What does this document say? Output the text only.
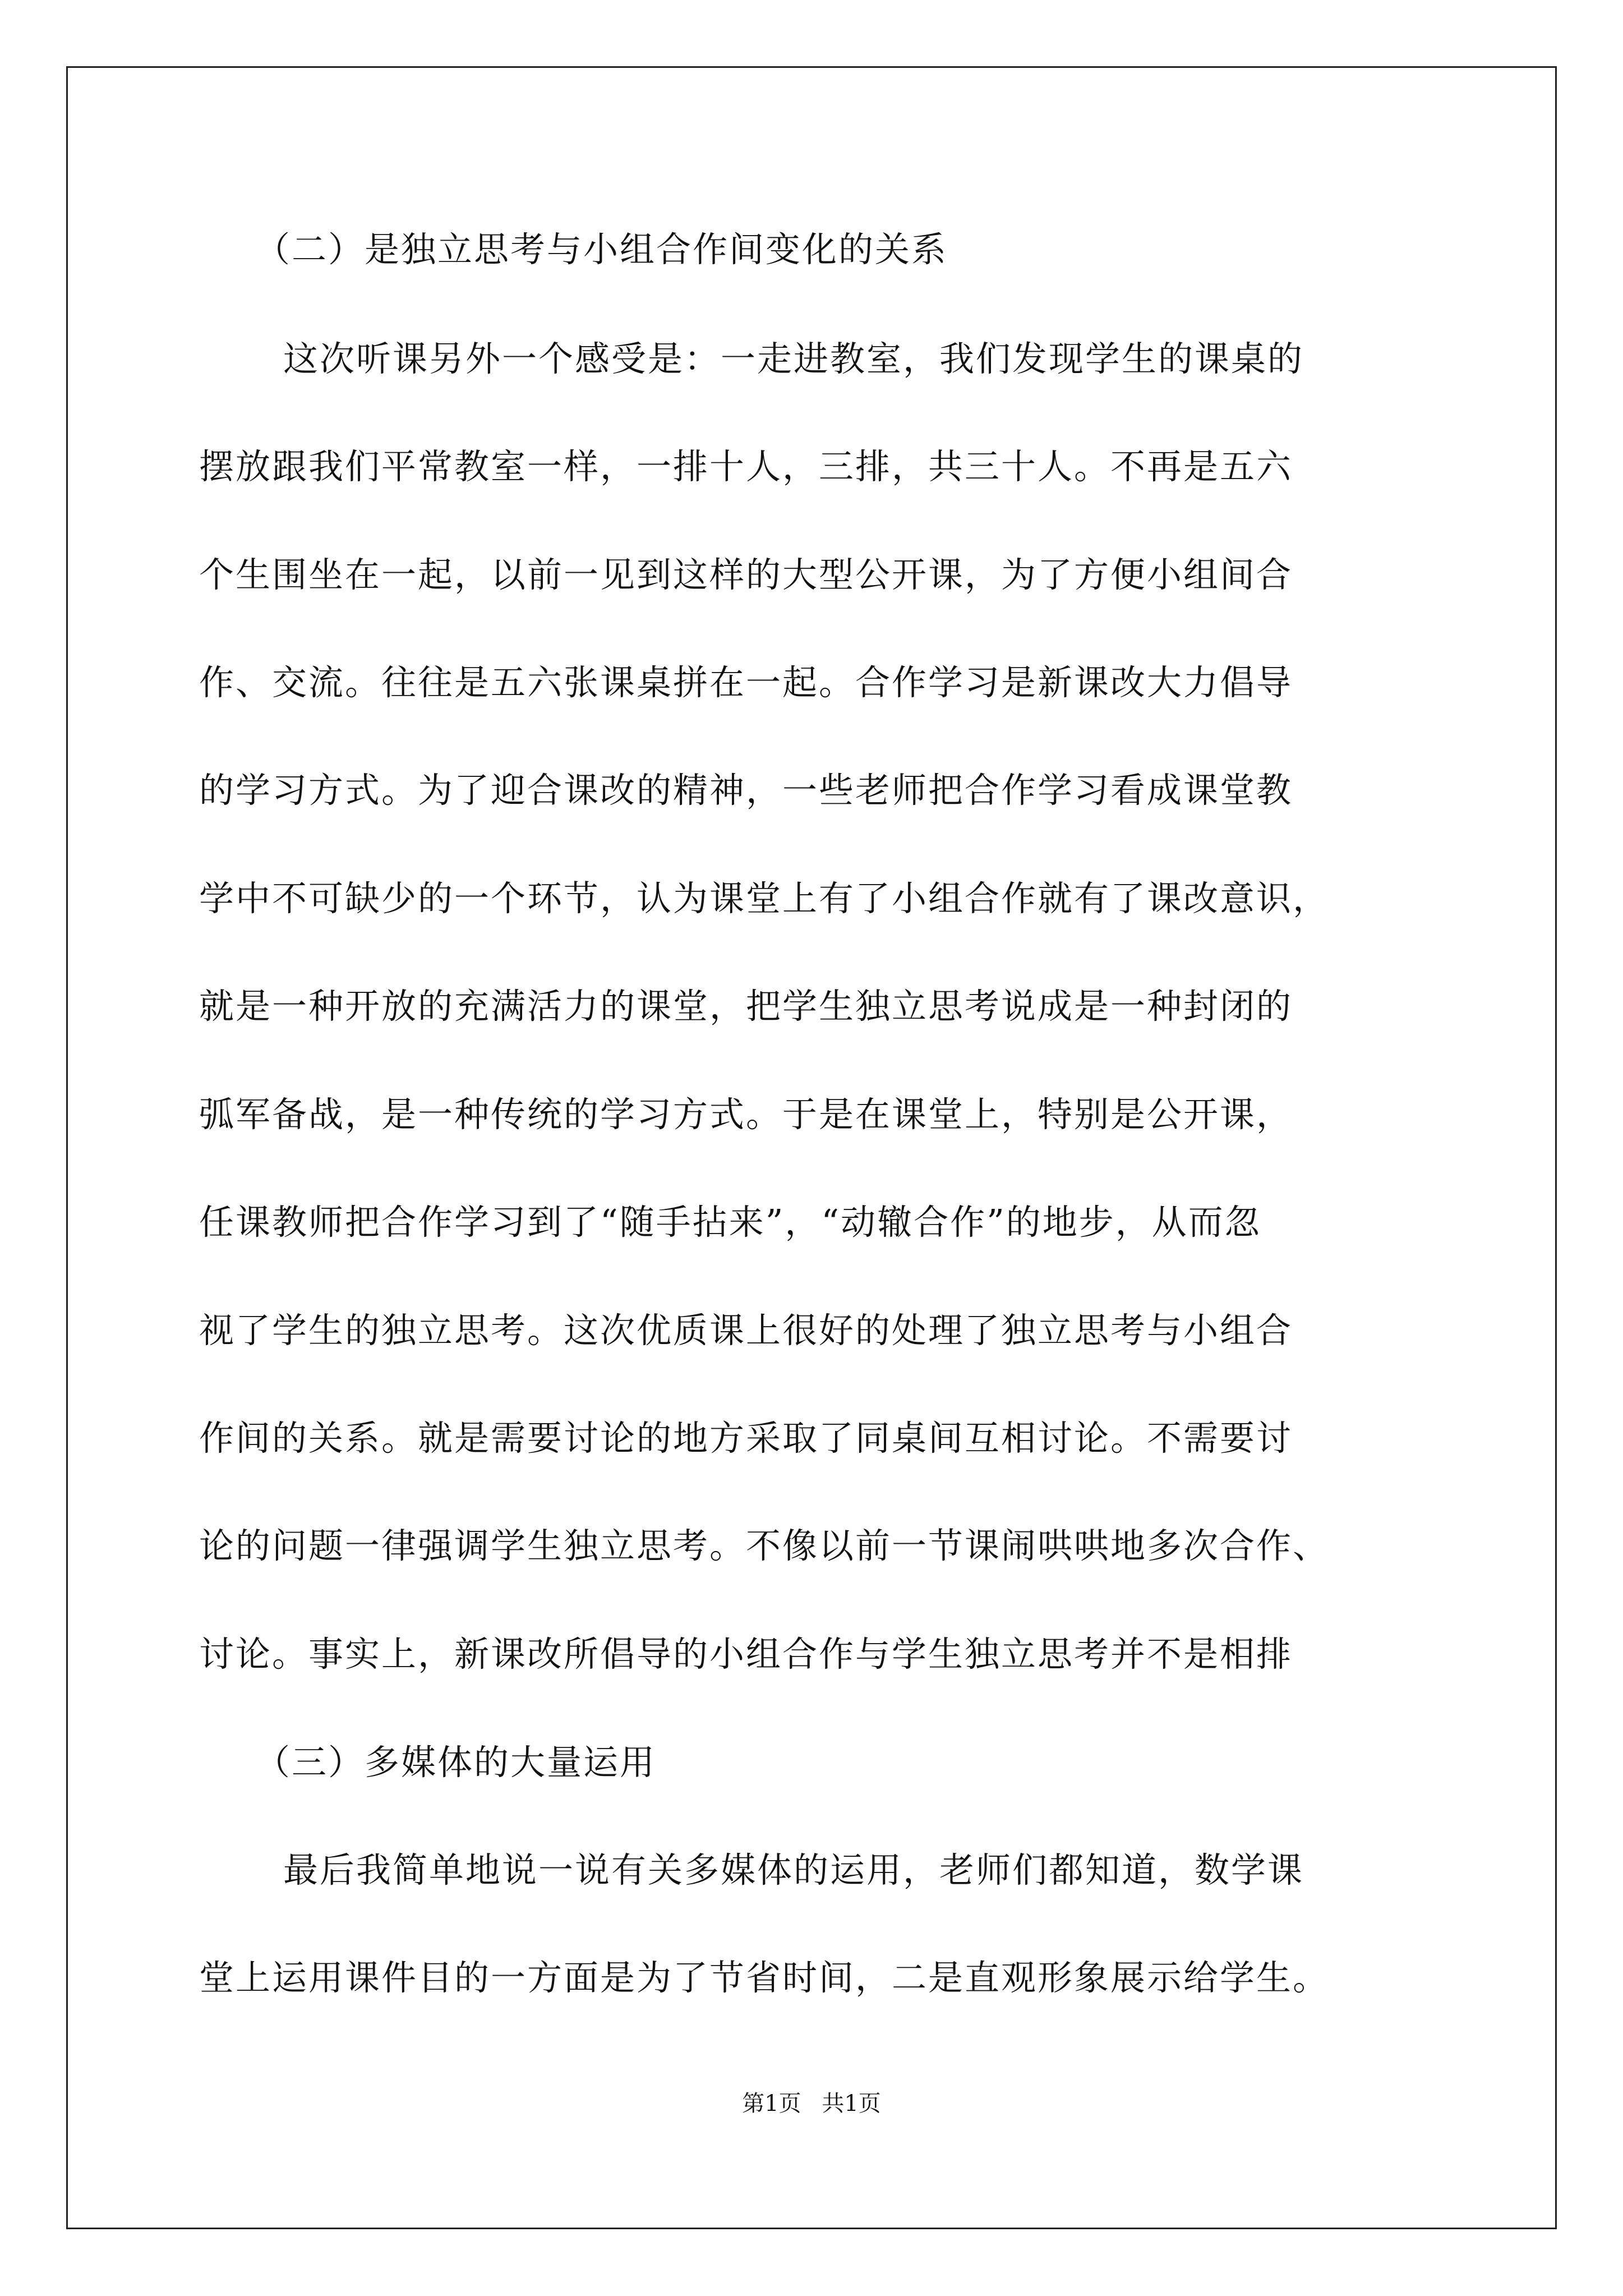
（二）是独立思考与小组合作间变化的关系

这次听课另外一个感受是：一走进教室，我们发现学生的课桌的

摆放跟我们平常教室一样，一排十人，三排，共三十人。不再是五六

个生围坐在一起，以前一见到这样的大型公开课，为了方便小组间合

作、交流。往往是五六张课桌拼在一起。合作学习是新课改大力倡导

的学习方式。为了迎合课改的精神，一些老师把合作学习看成课堂教

学中不可缺少的一个环节，认为课堂上有了小组合作就有了课改意识，

就是一种开放的充满活力的课堂，把学生独立思考说成是一种封闭的

弧军备战，是一种传统的学习方式。于是在课堂上，特别是公开课，

任课教师把合作学习到了“随手拈来”，“动辙合作”的地步，从而忽

视了学生的独立思考。这次优质课上很好的处理了独立思考与小组合

作间的关系。就是需要讨论的地方采取了同桌间互相讨论。不需要讨

论的问题一律强调学生独立思考。不像以前一节课闹哄哄地多次合作、

讨论。事实上，新课改所倡导的小组合作与学生独立思考并不是相排

（三）多媒体的大量运用

最后我简单地说一说有关多媒体的运用，老师们都知道，数学课

堂上运用课件目的一方面是为了节省时间，二是直观形象展示给学生。

第1页 共1页
